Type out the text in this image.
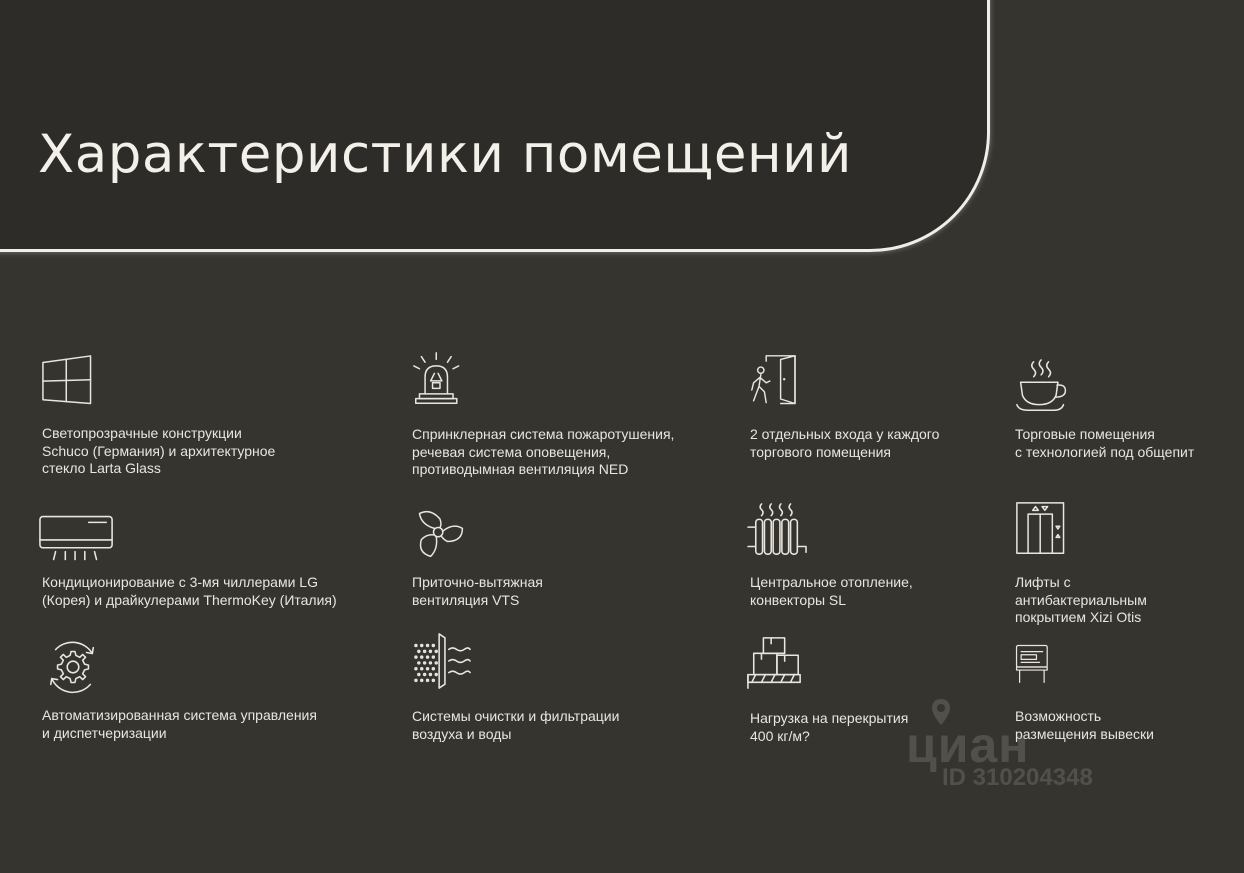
Характеристики помещений
Светопрозрачные конструкции
Schuco (Германия) и архитектурное
стекло Larta Glass
Спринклерная система пожаротушения,
речевая система оповещения,
противодымная вентиляция NED
2 отдельных входа у каждого
торгового помещения
Торговые помещения
с технологией под общепит
Кондиционирование с 3-мя чиллерами LG
(Корея) и драйкулерами ThermoKey (Италия)
Приточно-вытяжная
вентиляция VTS
Центральное отопление,
конвекторы SL
Лифты с
антибактериальным
покрытием Xizi Otis
Автоматизированная система управления
и диспетчеризации
Системы очистки и фильтрации
воздуха и воды
Нагрузка на перекрытия
400 кг/м?
Возможность
размещения вывески
циан
ID 310204348
